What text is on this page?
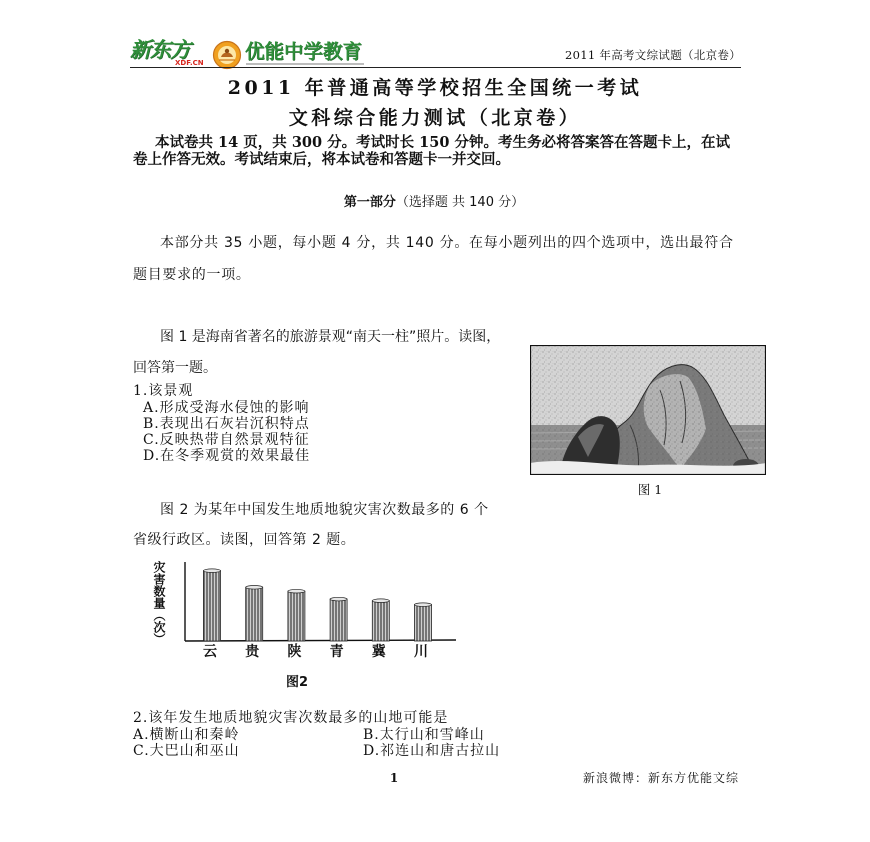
新东方
XDF.CN 优能中学教育	2011 年高考文综试题（北京卷）
2011 年普通高等学校招生全国统一考试
文科综合能力测试（北京卷）
本试卷共 14 页，共 300 分。考试时长 150 分钟。考生务必将答案答在答题卡上，在试
卷上作答无效。考试结束后，将本试卷和答题卡一并交回。
第一部分（选择题 共 140 分）
本部分共 35 小题，每小题 4 分，共 140 分。在每小题列出的四个选项中，选出最符合
题目要求的一项。
图 1 是海南省著名的旅游景观“南天一柱”照片。读图，
回答第一题。
1.该景观
A.形成受海水侵蚀的影响
B.表现出石灰岩沉积特点
C.反映热带自然景观特征
D.在冬季观赏的效果最佳
图 1
图 2 为某年中国发生地质地貌灾害次数最多的 6 个
省级行政区。读图，回答第 2 题。
灾害数量（次）
云 贵 陕 青 冀 川
图2
2.该年发生地质地貌灾害次数最多的山地可能是
A.横断山和秦岭	B.太行山和雪峰山
C.大巴山和巫山	D.祁连山和唐古拉山
1	新浪微博：新东方优能文综
